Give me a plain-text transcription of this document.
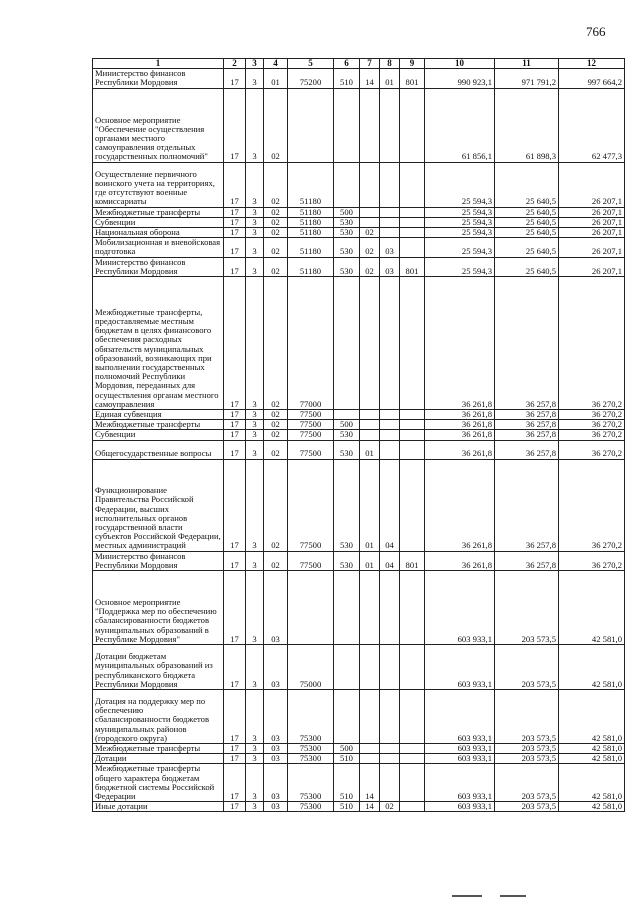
766
1	2	3	4	5	6	7	8	9	10	11	12
Министерство финансов Республики Мордовия	17	3	01	75200	510	14	01	801	990 923,1	971 791,2	997 664,2
Основное мероприятие "Обеспечение осуществления органами местного самоуправления отдельных государственных полномочий"	17	3	02						61 856,1	61 898,3	62 477,3
Осуществление первичного воинского учета на территориях, где отсутствуют военные комиссариаты	17	3	02	51180					25 594,3	25 640,5	26 207,1
Межбюджетные трансферты	17	3	02	51180	500				25 594,3	25 640,5	26 207,1
Субвенции	17	3	02	51180	530				25 594,3	25 640,5	26 207,1
Национальная оборона	17	3	02	51180	530	02			25 594,3	25 640,5	26 207,1
Мобилизационная и вневойсковая подготовка	17	3	02	51180	530	02	03		25 594,3	25 640,5	26 207,1
Министерство финансов Республики Мордовия	17	3	02	51180	530	02	03	801	25 594,3	25 640,5	26 207,1
Межбюджетные трансферты, предоставляемые местным бюджетам в целях финансового обеспечения расходных обязательств муниципальных образований, возникающих при выполнении государственных полномочий Республики Мордовия, переданных для осуществления органам местного самоуправления	17	3	02	77000					36 261,8	36 257,8	36 270,2
Единая субвенция	17	3	02	77500					36 261,8	36 257,8	36 270,2
Межбюджетные трансферты	17	3	02	77500	500				36 261,8	36 257,8	36 270,2
Субвенции	17	3	02	77500	530				36 261,8	36 257,8	36 270,2
Общегосударственные вопросы	17	3	02	77500	530	01			36 261,8	36 257,8	36 270,2
Функционирование Правительства Российской Федерации, высших исполнительных органов государственной власти субъектов Российской Федерации, местных администраций	17	3	02	77500	530	01	04		36 261,8	36 257,8	36 270,2
Министерство финансов Республики Мордовия	17	3	02	77500	530	01	04	801	36 261,8	36 257,8	36 270,2
Основное мероприятие "Поддержка мер по обеспечению сбалансированности бюджетов муниципальных образований в Республике Мордовия"	17	3	03						603 933,1	203 573,5	42 581,0
Дотации бюджетам муниципальных образований из республиканского бюджета Республики Мордовия	17	3	03	75000					603 933,1	203 573,5	42 581,0
Дотация на поддержку мер по обеспечению сбалансированности бюджетов муниципальных районов (городского округа)	17	3	03	75300					603 933,1	203 573,5	42 581,0
Межбюджетные трансферты	17	3	03	75300	500				603 933,1	203 573,5	42 581,0
Дотации	17	3	03	75300	510				603 933,1	203 573,5	42 581,0
Межбюджетные трансферты общего характера бюджетам бюджетной системы Российской Федерации	17	3	03	75300	510	14			603 933,1	203 573,5	42 581,0
Иные дотации	17	3	03	75300	510	14	02		603 933,1	203 573,5	42 581,0
